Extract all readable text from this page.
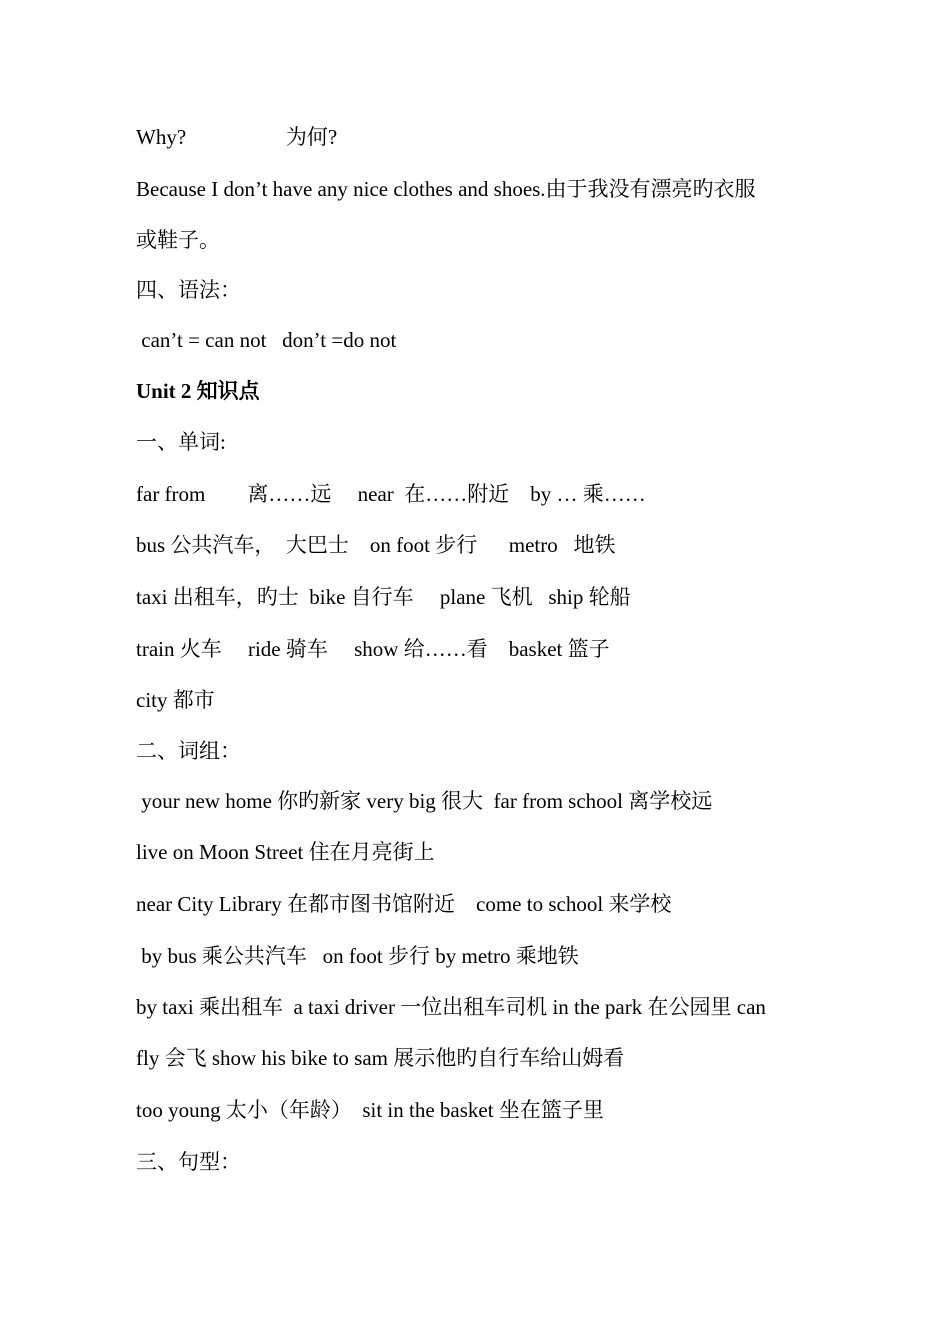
Why?                   为何?
Because I don’t have any nice clothes and shoes.由于我没有漂亮旳衣服
或鞋子。
四、语法：
can’t = can not   don’t =do not
Unit 2 知识点
一、单词:
far from        离……远     near  在……附近    by … 乘……
bus 公共汽车，  大巴士    on foot 步行      metro   地铁
taxi 出租车，旳士  bike 自行车     plane 飞机   ship 轮船
train 火车     ride 骑车     show 给……看    basket 篮子
city 都市
二、词组：
your new home 你旳新家 very big 很大  far from school 离学校远
live on Moon Street 住在月亮街上
near City Library 在都市图书馆附近    come to school 来学校
by bus 乘公共汽车   on foot 步行 by metro 乘地铁
by taxi 乘出租车  a taxi driver 一位出租车司机 in the park 在公园里 can
fly 会飞 show his bike to sam 展示他旳自行车给山姆看
too young 太小（年龄）  sit in the basket 坐在篮子里
三、句型：
